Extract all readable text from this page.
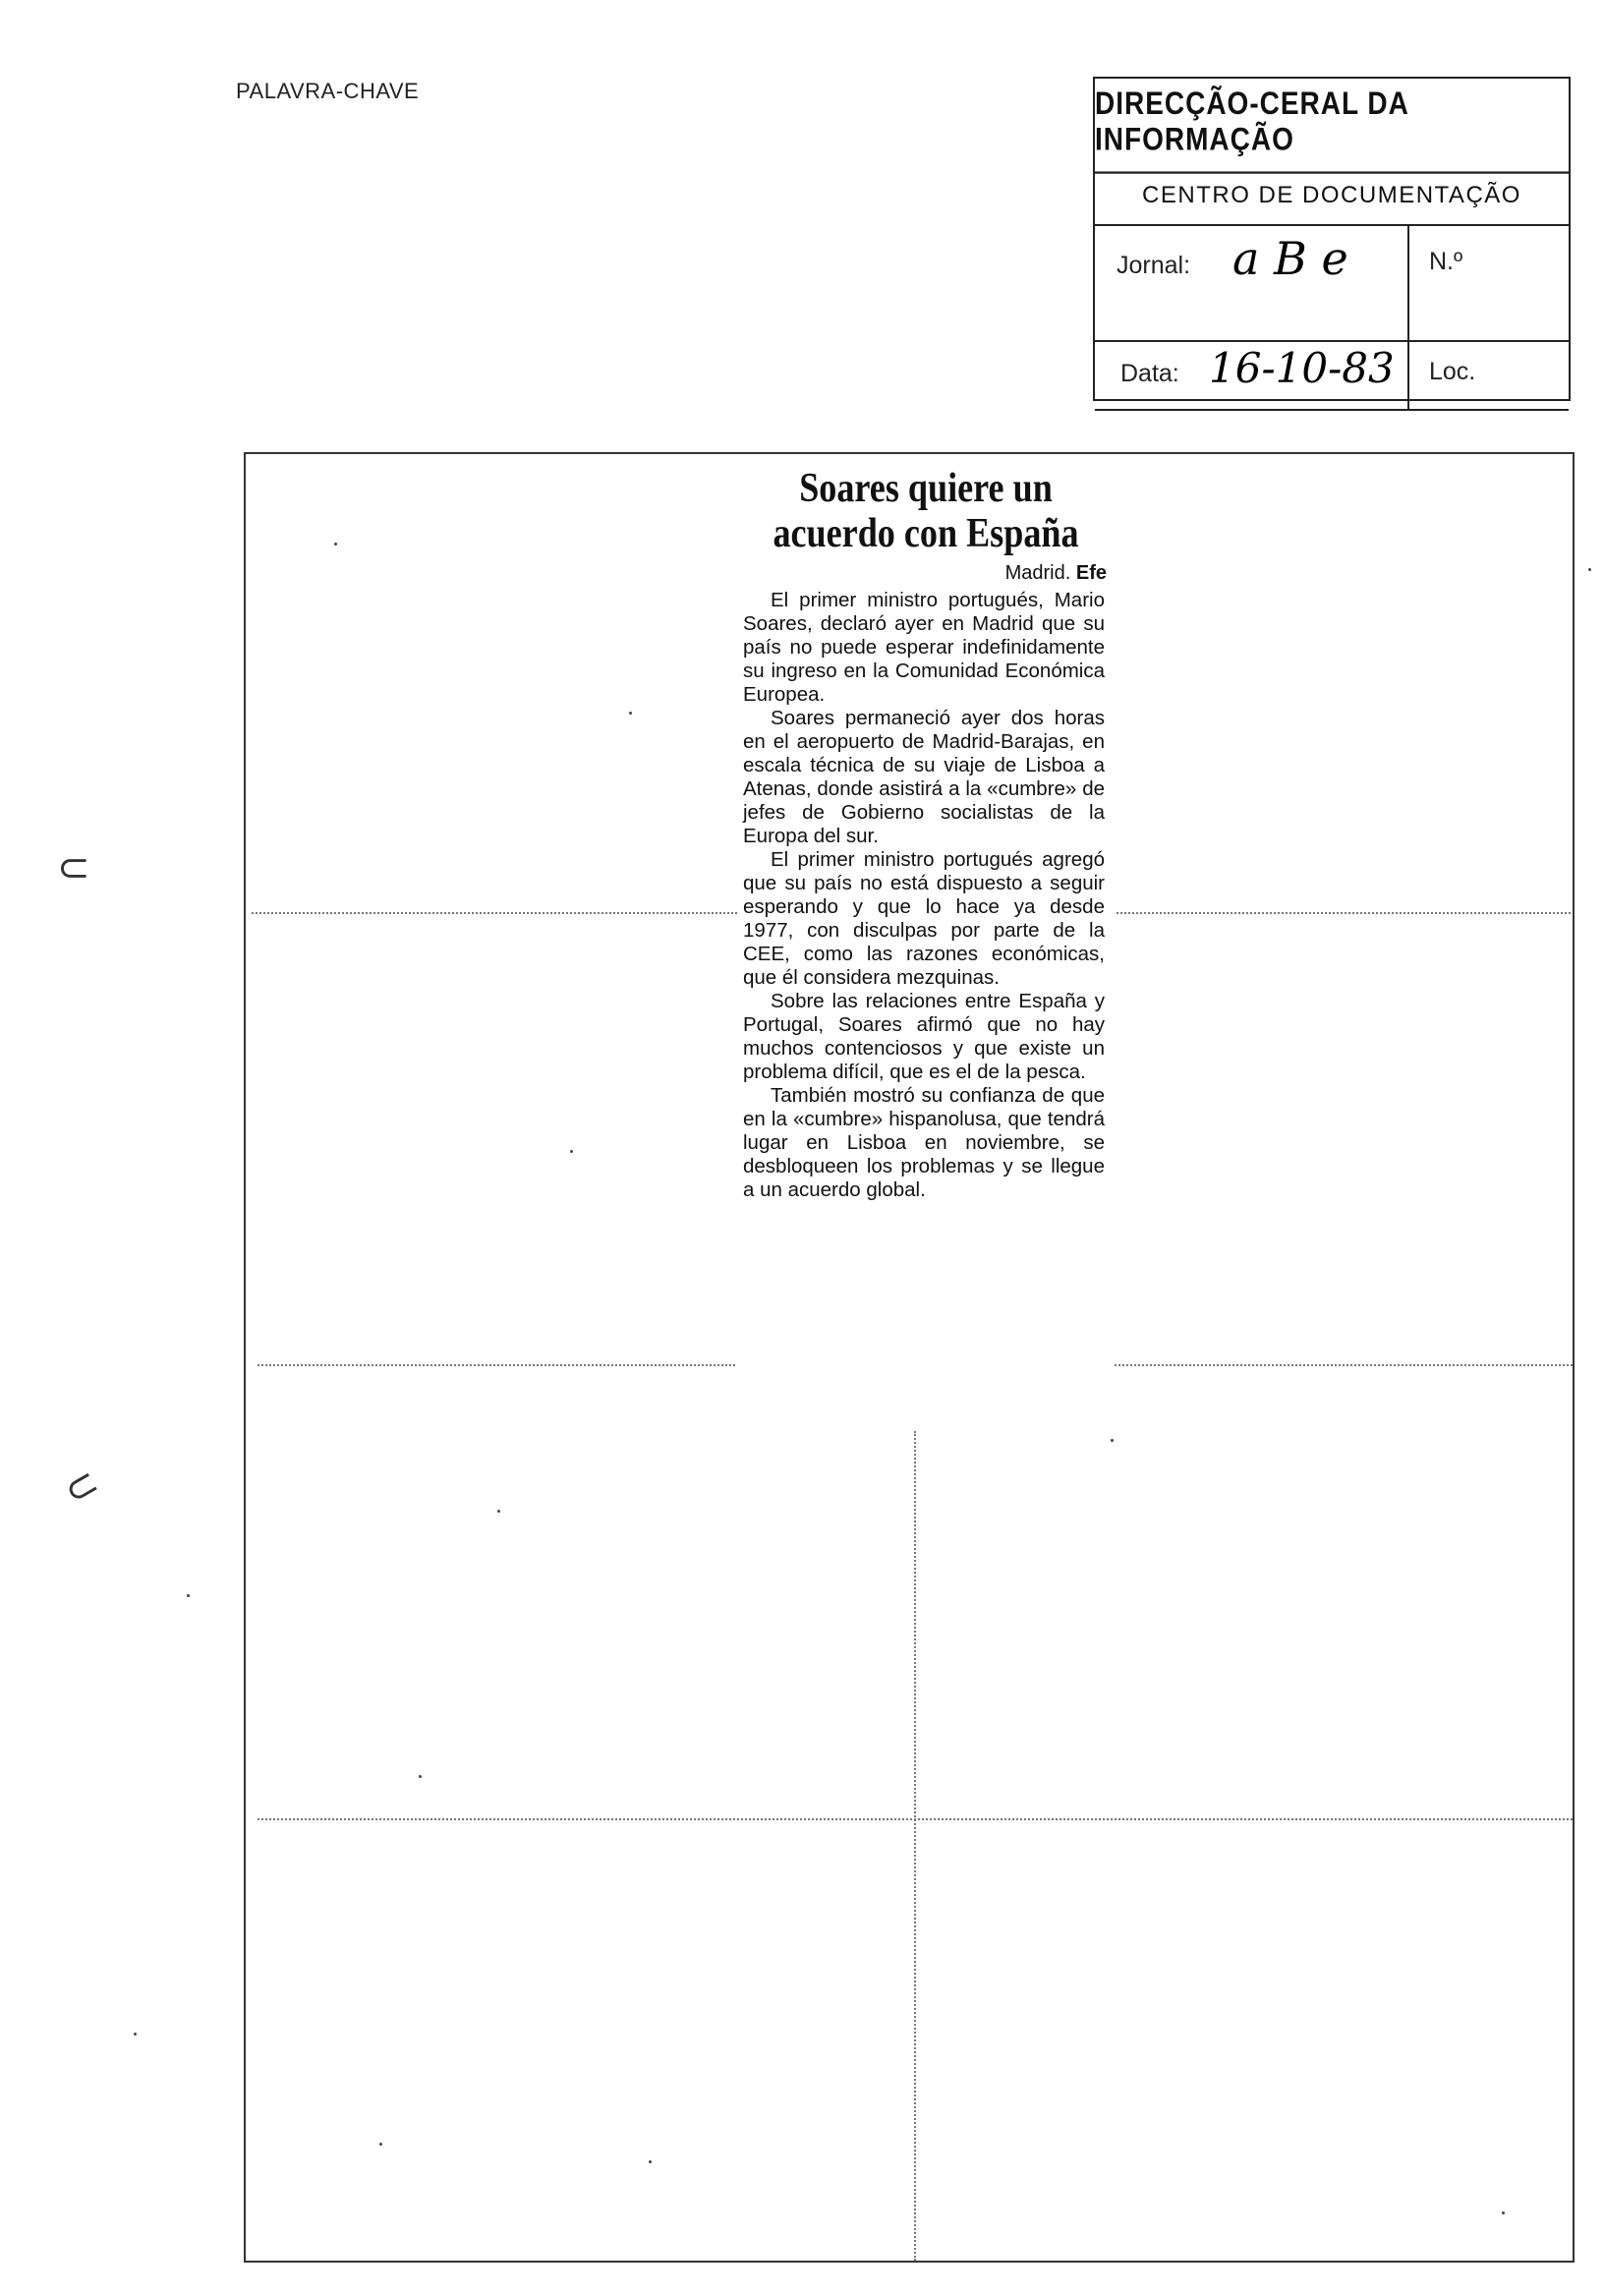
PALAVRA-CHAVE	DIRECÇÃO-CERAL DA INFORMAÇÃO
CENTRO DE DOCUMENTAÇÃO
Jornal: a B e	N.º
Data: 16-10-83 Loc.
Soares quiere un
acuerdo con España
Madrid. Efe

El primer ministro portugués, Mario Soares, declaró ayer en Madrid que su país no puede esperar indefinidamente su ingreso en la Comunidad Económica Europea.

Soares permaneció ayer dos horas en el aeropuerto de Madrid-Barajas, en escala técnica de su viaje de Lisboa a Atenas, donde asistirá a la «cumbre» de jefes de Gobierno socialistas de la Europa del sur.

El primer ministro portugués agregó que su país no está dispuesto a seguir esperando y que lo hace ya desde 1977, con disculpas por parte de la CEE, como las razones económicas, que él considera mezquinas.

Sobre las relaciones entre España y Portugal, Soares afirmó que no hay muchos contenciosos y que existe un problema difícil, que es el de la pesca.

También mostró su confianza de que en la «cumbre» hispanolusa, que tendrá lugar en Lisboa en noviembre, se desbloqueen los problemas y se llegue a un acuerdo global.

⊂
⊂
